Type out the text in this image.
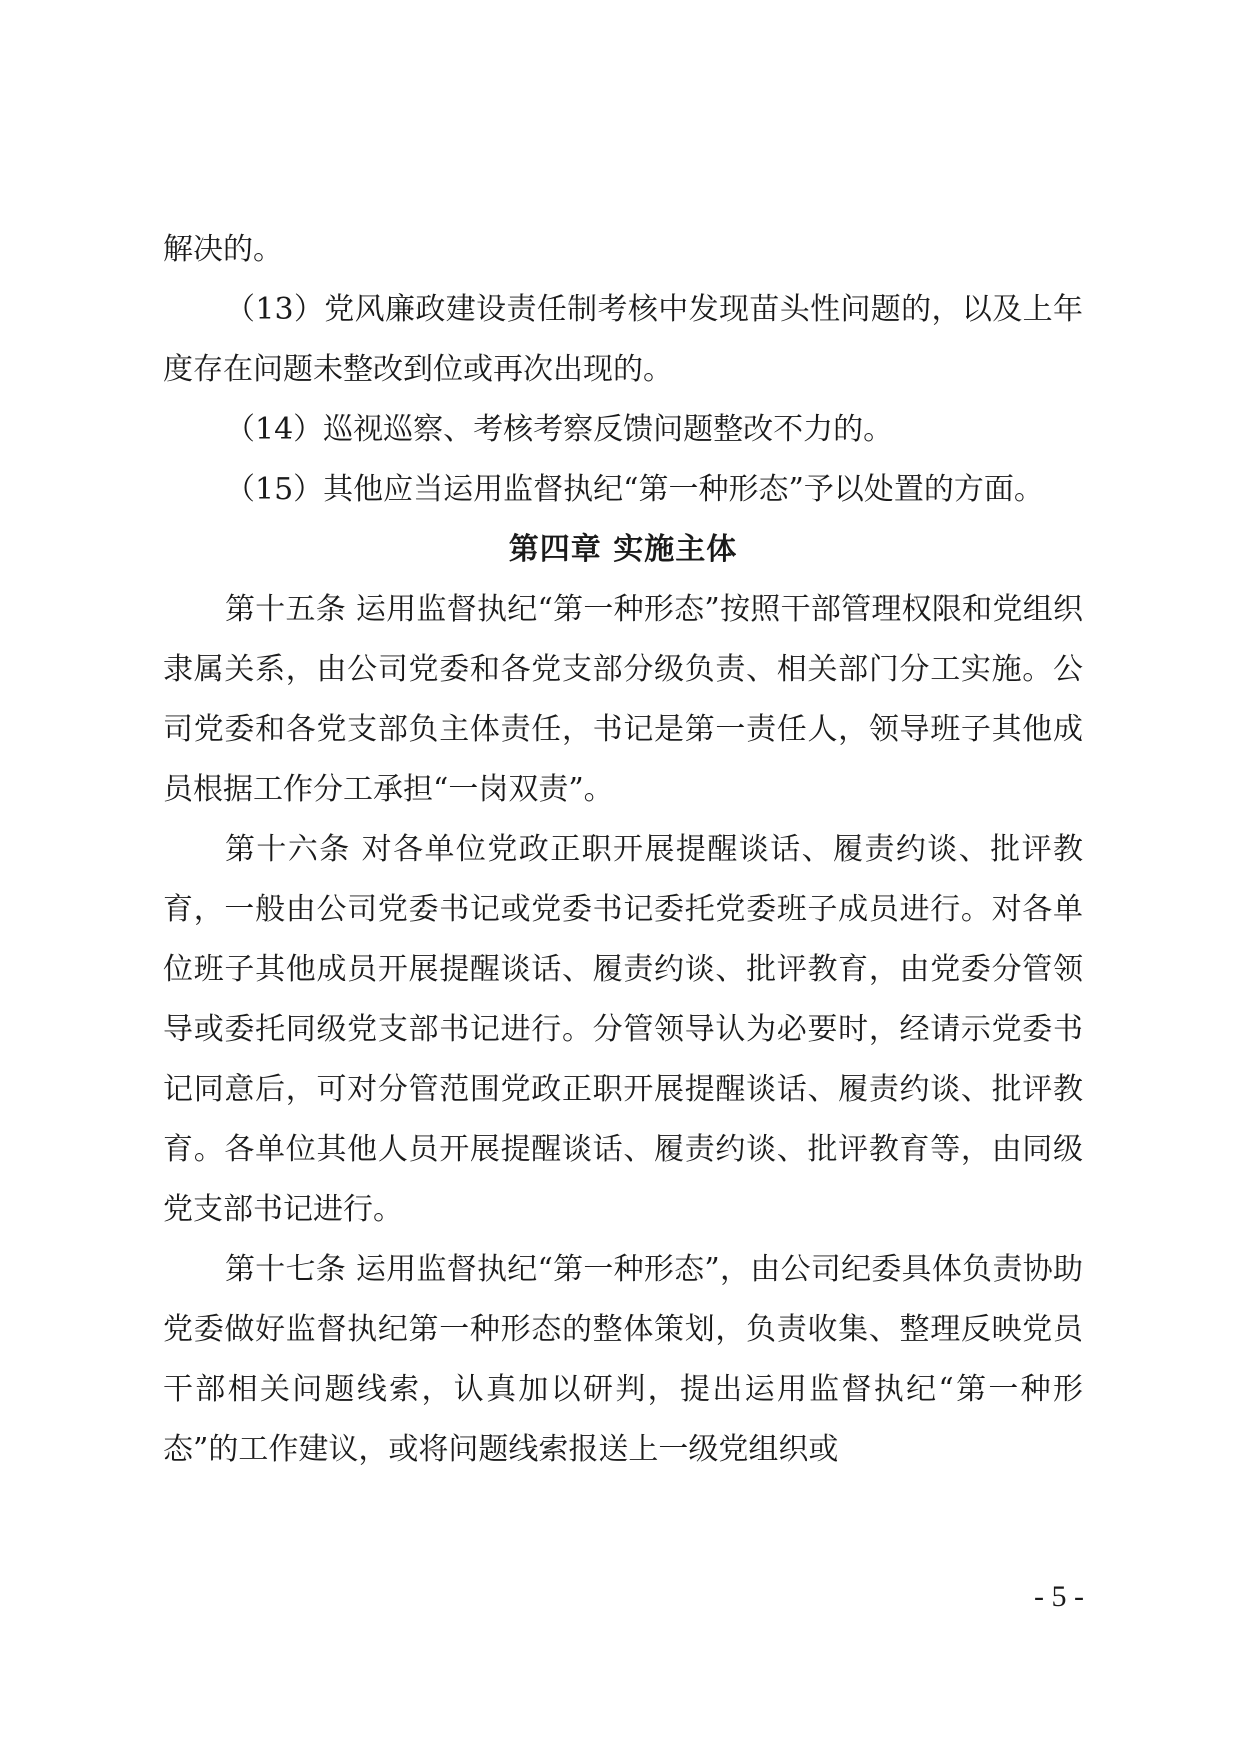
解决的。

（13）党风廉政建设责任制考核中发现苗头性问题的，以及上年度存在问题未整改到位或再次出现的。

（14）巡视巡察、考核考察反馈问题整改不力的。

（15）其他应当运用监督执纪“第一种形态”予以处置的方面。

第四章 实施主体

第十五条 运用监督执纪“第一种形态”按照干部管理权限和党组织隶属关系，由公司党委和各党支部分级负责、相关部门分工实施。公司党委和各党支部负主体责任，书记是第一责任人，领导班子其他成员根据工作分工承担“一岗双责”。

第十六条 对各单位党政正职开展提醒谈话、履责约谈、批评教育，一般由公司党委书记或党委书记委托党委班子成员进行。对各单位班子其他成员开展提醒谈话、履责约谈、批评教育，由党委分管领导或委托同级党支部书记进行。分管领导认为必要时，经请示党委书记同意后，可对分管范围党政正职开展提醒谈话、履责约谈、批评教育。各单位其他人员开展提醒谈话、履责约谈、批评教育等，由同级党支部书记进行。

第十七条 运用监督执纪“第一种形态”，由公司纪委具体负责协助党委做好监督执纪第一种形态的整体策划，负责收集、整理反映党员干部相关问题线索，认真加以研判，提出运用监督执纪“第一种形态”的工作建议，或将问题线索报送上一级党组织或

- 5 -
